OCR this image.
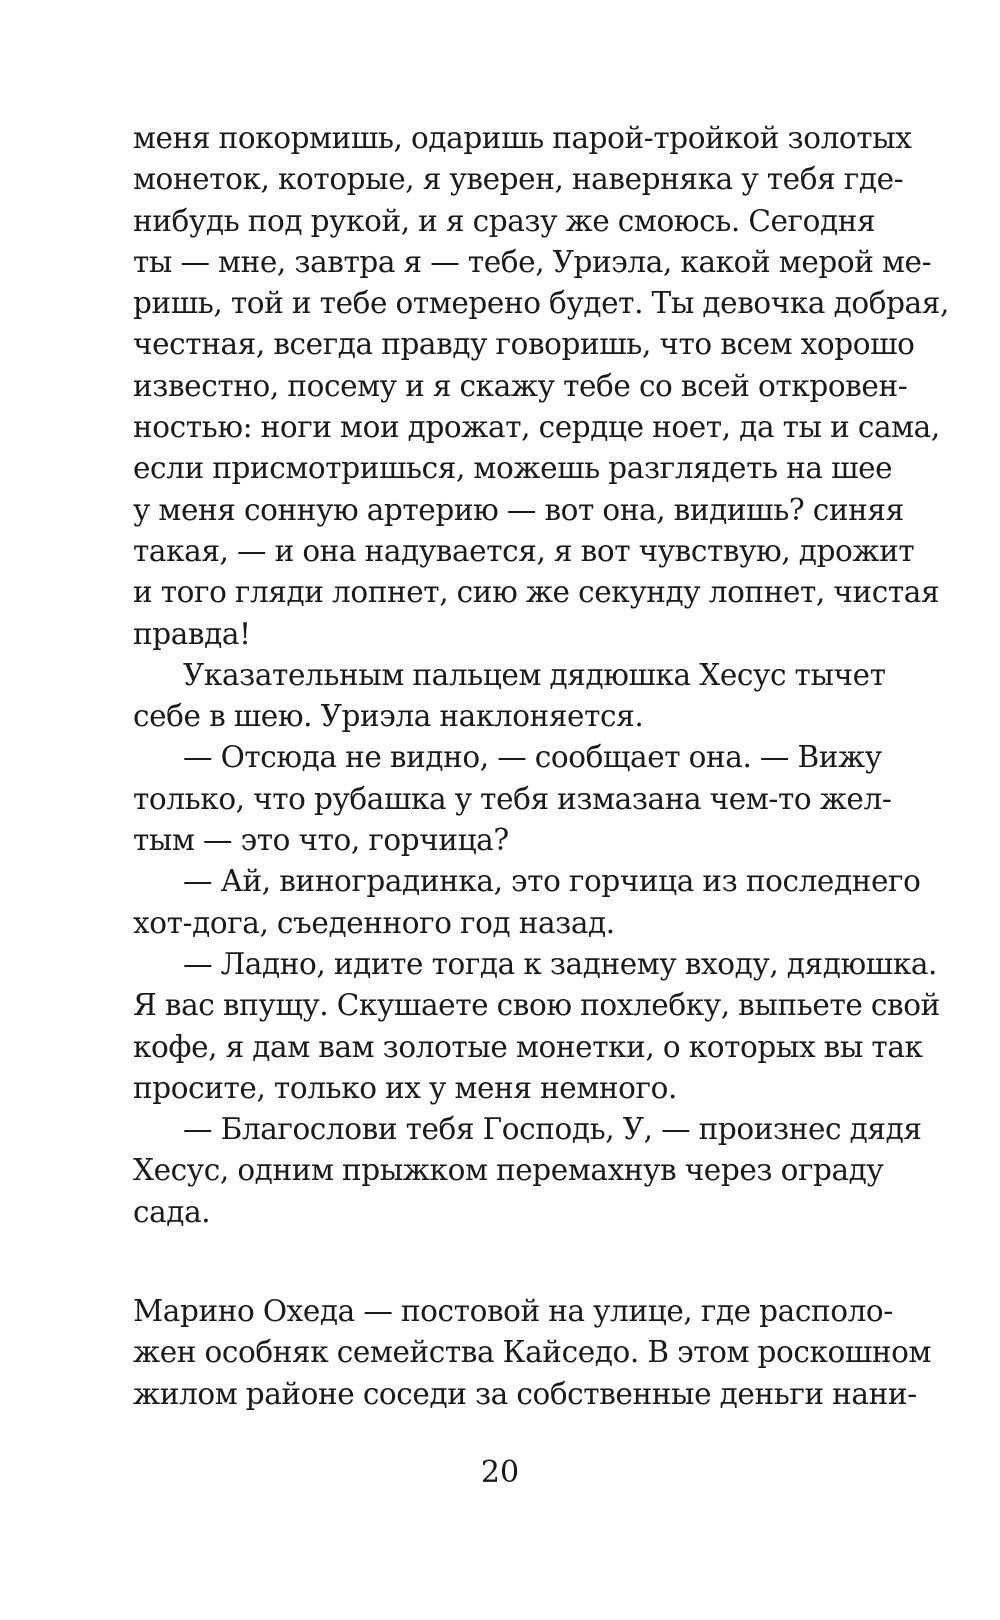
меня покормишь, одаришь парой-тройкой золотых
монеток, которые, я уверен, наверняка у тебя где-
нибудь под рукой, и я сразу же смоюсь. Сегодня
ты — мне, завтра я — тебе, Уриэла, какой мерой ме-
ришь, той и тебе отмерено будет. Ты девочка добрая,
честная, всегда правду говоришь, что всем хорошо
известно, посему и я скажу тебе со всей откровен-
ностью: ноги мои дрожат, сердце ноет, да ты и сама,
если присмотришься, можешь разглядеть на шее
у меня сонную артерию — вот она, видишь? синяя
такая, — и она надувается, я вот чувствую, дрожит
и того гляди лопнет, сию же секунду лопнет, чистая
правда!
Указательным пальцем дядюшка Хесус тычет
себе в шею. Уриэла наклоняется.
— Отсюда не видно, — сообщает она. — Вижу
только, что рубашка у тебя измазана чем-то жел-
тым — это что, горчица?
— Ай, виноградинка, это горчица из последнего
хот-дога, съеденного год назад.
— Ладно, идите тогда к заднему входу, дядюшка.
Я вас впущу. Скушаете свою похлебку, выпьете свой
кофе, я дам вам золотые монетки, о которых вы так
просите, только их у меня немного.
— Благослови тебя Господь, У, — произнес дядя
Хесус, одним прыжком перемахнув через ограду
сада.
Марино Охеда — постовой на улице, где располо-
жен особняк семейства Кайседо. В этом роскошном
жилом районе соседи за собственные деньги нани-
20
